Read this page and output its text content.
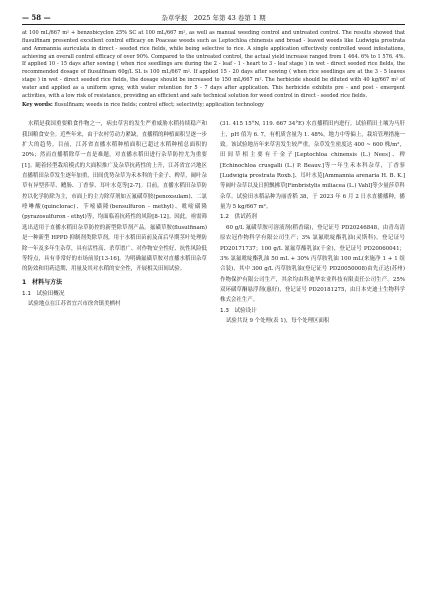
— 58 —	杂草学报　2025 年第 43 卷第 1 期

at 100 mL/667 m² + benzobicyclon 25% SC at 100 mL/667 m², as well as manual weeding control and untreated control. The results showed that flusulfinam presented excellent control efficacy on Poaceae weeds such as Leptochloa chinensis and broad - leaved weeds like Ludwigia prostrata and Ammannia auriculata in direct - seeded rice fields, while being selective to rice. A single application effectively controlled weed infestations, achieving an overall control efficacy of over 90%. Compared to the untreated control, the actual yield increase ranged from 1 464. 6% to 1 576. 4%. If applied 10 - 15 days after sowing ( when rice seedlings are during the 2 - leaf - 1 - heart to 3 - leaf stage ) in wet - direct seeded rice fields, the recommended dosage of flusulfinam 60g/L SL is 100 mL/667 m². If applied 15 - 20 days after sowing ( when rice seedlings are at the 3 - 5 leaves stage ) in wet - direct seeded rice fields, the dosage should be increased to 150 mL/667 m². The herbicide should be diluted with 40 kg/667 m² of water and applied as a uniform spray, with water retention for 5 - 7 days after application. This herbicide exhibits pre - and post - emergent activities, with a low risk of resistance, providing an efficient and safe technical solution for weed control in direct - seeded rice fields.

Key words: flusulfinam; weeds in rice fields; control effect; selectivity; application technology

水稻是我国重要粮食作物之一，病虫草害的发生严重威胁水稻持续稳产和我国粮食安全。近些年来，由于农村劳动力紧缺，直播稻的种植面积呈逐一步扩大的趋势。目前，江苏省直播水稻种植面积已超过水稻种植总面积的 20%；然而直播稻除草一直是难题，对直播水稻田进行杂草防控尤为重要[1]。随着轻型栽培模式的大面积推广及杂草抗药性的上升，江苏省宜兴地区直播稻田杂草发生逐年加重，田间优势杂草为禾本科的千金子、稗草，阔叶杂草有异型莎草、鳢肠、丁香蓼、耳叶水苋等[2-7]。目前，直播水稻田杂草防控以化学防除为主，市面上的主力除草剂如五氟磺草胺(penoxsulam)、二氯喹啉酸(quinclorac)、苄嘧磺隆(bensulfuron - methyl)、吡嘧磺隆(pyrazosulfuron - ethyl)等，均面临着抗药性的风险[8-12]。因此，亟需筛选出适用于直播水稻田杂草防控的新型除草剂产品。氟磺草胺(flusulfinam)是一种新型 HPPD 抑制剂类除草剂，用于水稻田苗前及苗后早期茎叶处理防除一年及多年生杂草，具有活性高、杀草谱广、对作物安全性好、抗性风险低等特点，具有非常好的市场前景[13-16]。为明确氟磺草胺对直播水稻田杂草的防效和用药适期、用量及其对水稻的安全性，开展相关田间试验。

1　材料与方法
1.1　试验田概况

试验地点在江苏省宜兴市徐舍镇美栖村

(31. 415 15°N, 119. 667 34°E) 水直播稻田内进行。试验稻田土壤为马肝土，pH 值为 6. 7，有机质含量为 1. 48%，地力中等偏上，栽培管理措施一致。该试验地历年来草害发生较严重，杂草发生密度达 400 ~ 600 株/m²，田间草相主要有千金子[Leptochloa chinensis (L.) Nees]、稗[Echinochloa crusgalli (L.) P. Beauv.]等一年生禾本科杂草，丁香蓼[Ludwigia prostrata Roxb.]、耳叶水苋[Ammannia arenaria H. B. K.]等阔叶杂草以及日照飘拂草[Fimbristylis miliacea (L.) Vahl]等少量莎草科杂草。试验田水稻品种为丽香稻 38，于 2023 年 6 月 2 日水直播播种，播量为 5 kg/667 m²。

1.2　供试药剂

60 g/L 氟磺草胺可溶液剂(稻香瑞)，登记证号 PD20246848，由青岛清原农冠作物科学有限公司生产；3% 氯氟吡啶酯乳油(灵斯科)，登记证号 PD20171737；100 g/L 氰氟草酯乳油(千金)，登记证号 PD20060041；3% 氯氟吡啶酯乳油 50 mL + 30% 丙草胺乳油 100 mL(来施净 1 + 1 组合装)，其中 300 g/L 丙草胺乳油(登记证号 PD20050008)由先正达(苏州)作物保护有限公司生产，其余均由科迪华农业科技有限责任公司生产。25% 双环磺草酮悬浮剂(惠好)，登记证号 PD20181275，由日本史迪士生物科学株式会社生产。

1.3　试验设计

试验共设 9 个处理(表 1)，每个处理区面积
